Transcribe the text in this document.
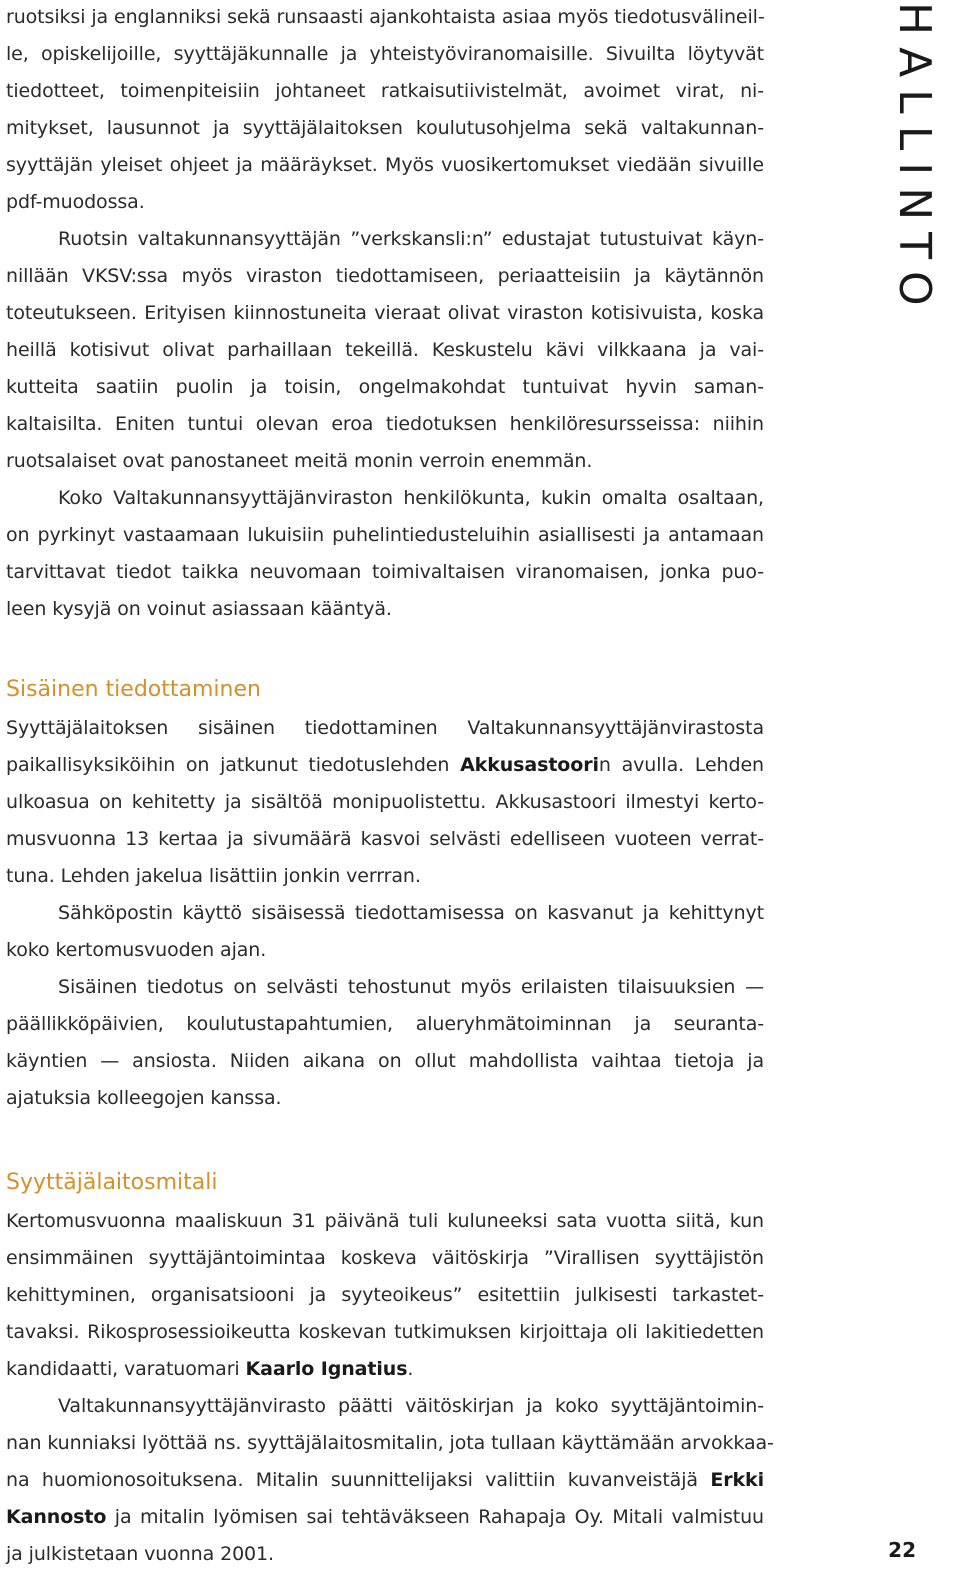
HALLINTO
ruotsiksi ja englanniksi sekä runsaasti ajankohtaista asiaa myös tiedotusvälineil-
le, opiskelijoille, syyttäjäkunnalle ja yhteistyöviranomaisille. Sivuilta löytyvät
tiedotteet, toimenpiteisiin johtaneet ratkaisutiivistelmät, avoimet virat, ni-
mitykset, lausunnot ja syyttäjälaitoksen koulutusohjelma sekä valtakunnan-
syyttäjän yleiset ohjeet ja määräykset. Myös vuosikertomukset viedään sivuille
pdf-muodossa.
Ruotsin valtakunnansyyttäjän ”verkskansli:n” edustajat tutustuivat käyn-
nillään VKSV:ssa myös viraston tiedottamiseen, periaatteisiin ja käytännön
toteutukseen. Erityisen kiinnostuneita vieraat olivat viraston kotisivuista, koska
heillä kotisivut olivat parhaillaan tekeillä. Keskustelu kävi vilkkaana ja vai-
kutteita saatiin puolin ja toisin, ongelmakohdat tuntuivat hyvin saman-
kaltaisilta. Eniten tuntui olevan eroa tiedotuksen henkilöresursseissa: niihin
ruotsalaiset ovat panostaneet meitä monin verroin enemmän.
Koko Valtakunnansyyttäjänviraston henkilökunta, kukin omalta osaltaan,
on pyrkinyt vastaamaan lukuisiin puhelintiedusteluihin asiallisesti ja antamaan
tarvittavat tiedot taikka neuvomaan toimivaltaisen viranomaisen, jonka puo-
leen kysyjä on voinut asiassaan kääntyä.
Sisäinen tiedottaminen
Syyttäjälaitoksen sisäinen tiedottaminen Valtakunnansyyttäjänvirastosta
paikallisyksiköihin on jatkunut tiedotuslehden Akkusastoorin avulla. Lehden
ulkoasua on kehitetty ja sisältöä monipuolistettu. Akkusastoori ilmestyi kerto-
musvuonna 13 kertaa ja sivumäärä kasvoi selvästi edelliseen vuoteen verrat-
tuna. Lehden jakelua lisättiin jonkin verrran.
Sähköpostin käyttö sisäisessä tiedottamisessa on kasvanut ja kehittynyt
koko kertomusvuoden ajan.
Sisäinen tiedotus on selvästi tehostunut myös erilaisten tilaisuuksien —
päällikköpäivien, koulutustapahtumien, alueryhmätoiminnan ja seuranta-
käyntien — ansiosta. Niiden aikana on ollut mahdollista vaihtaa tietoja ja
ajatuksia kolleegojen kanssa.
Syyttäjälaitosmitali
Kertomusvuonna maaliskuun 31 päivänä tuli kuluneeksi sata vuotta siitä, kun
ensimmäinen syyttäjäntoimintaa koskeva väitöskirja ”Virallisen syyttäjistön
kehittyminen, organisatsiooni ja syyteoikeus” esitettiin julkisesti tarkastet-
tavaksi. Rikosprosessioikeutta koskevan tutkimuksen kirjoittaja oli lakitiedetten
kandidaatti, varatuomari Kaarlo Ignatius.
Valtakunnansyyttäjänvirasto päätti väitöskirjan ja koko syyttäjäntoimin-
nan kunniaksi lyöttää ns. syyttäjälaitosmitalin, jota tullaan käyttämään arvokkaa-
na huomionosoituksena. Mitalin suunnittelijaksi valittiin kuvanveistäjä Erkki
Kannosto ja mitalin lyömisen sai tehtäväkseen Rahapaja Oy. Mitali valmistuu
ja julkistetaan vuonna 2001.	22
